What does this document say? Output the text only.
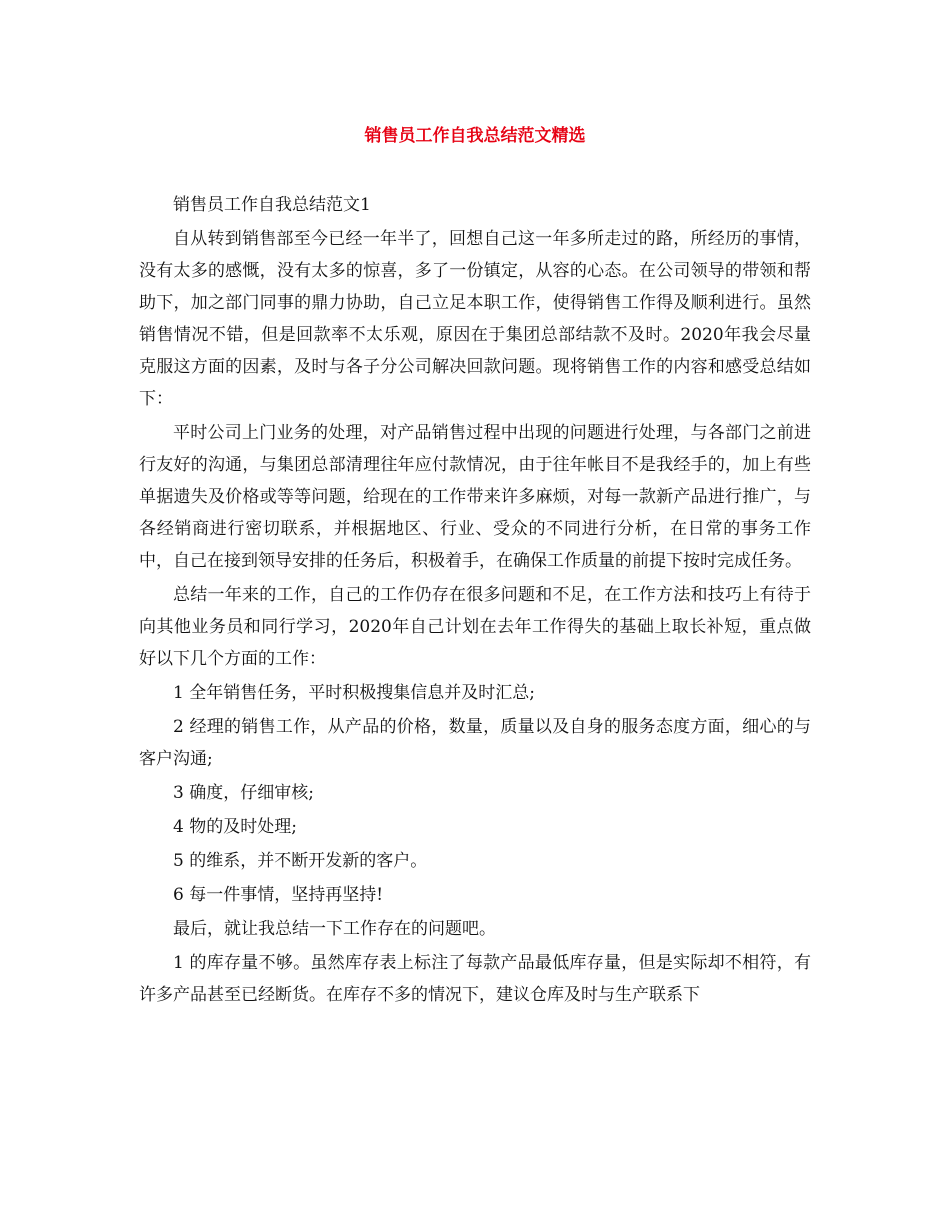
销售员工作自我总结范文精选

销售员工作自我总结范文1

自从转到销售部至今已经一年半了，回想自己这一年多所走过的路，所经历的事情，没有太多的感慨，没有太多的惊喜，多了一份镇定，从容的心态。在公司领导的带领和帮助下，加之部门同事的鼎力协助，自己立足本职工作，使得销售工作得及顺利进行。虽然销售情况不错，但是回款率不太乐观，原因在于集团总部结款不及时。2020年我会尽量克服这方面的因素，及时与各子分公司解决回款问题。现将销售工作的内容和感受总结如下：

平时公司上门业务的处理，对产品销售过程中出现的问题进行处理，与各部门之前进行友好的沟通，与集团总部清理往年应付款情况，由于往年帐目不是我经手的，加上有些单据遗失及价格或等等问题，给现在的工作带来许多麻烦，对每一款新产品进行推广，与各经销商进行密切联系，并根据地区、行业、受众的不同进行分析，在日常的事务工作中，自己在接到领导安排的任务后，积极着手，在确保工作质量的前提下按时完成任务。

总结一年来的工作，自己的工作仍存在很多问题和不足，在工作方法和技巧上有待于向其他业务员和同行学习，2020年自己计划在去年工作得失的基础上取长补短，重点做好以下几个方面的工作：

1 全年销售任务，平时积极搜集信息并及时汇总;

2 经理的销售工作，从产品的价格，数量，质量以及自身的服务态度方面，细心的与客户沟通;

3 确度，仔细审核;

4 物的及时处理;

5 的维系，并不断开发新的客户。

6 每一件事情，坚持再坚持!

最后，就让我总结一下工作存在的问题吧。

1 的库存量不够。虽然库存表上标注了每款产品最低库存量，但是实际却不相符，有许多产品甚至已经断货。在库存不多的情况下，建议仓库及时与生产联系下
